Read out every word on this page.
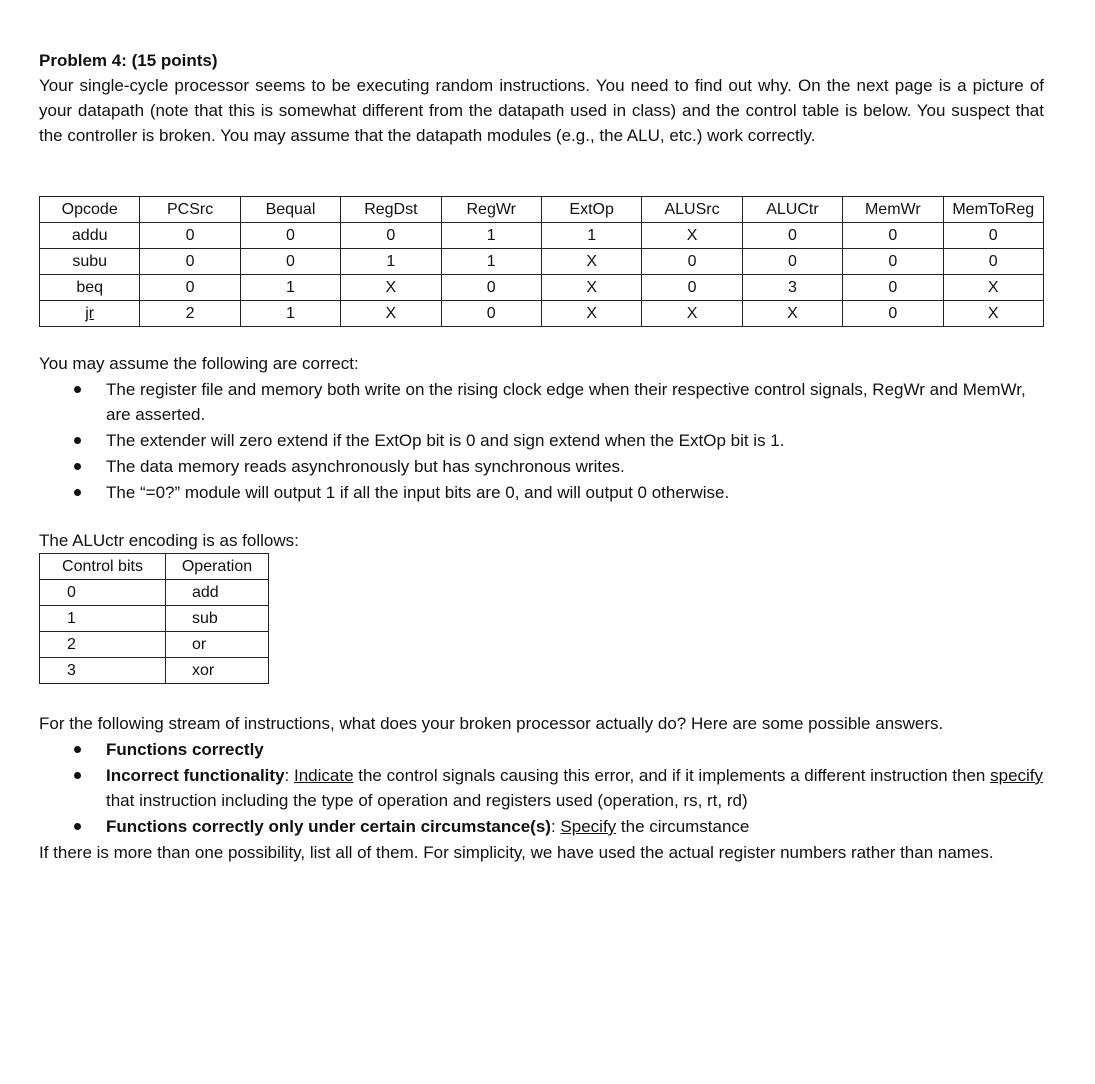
Problem 4: (15 points)
Your single-cycle processor seems to be executing random instructions. You need to find out why. On the next page is a picture of your datapath (note that this is somewhat different from the datapath used in class) and the control table is below. You suspect that the controller is broken. You may assume that the datapath modules (e.g., the ALU, etc.) work correctly.
Opcode	PCSrc	Bequal	RegDst	RegWr	ExtOp	ALUSrc	ALUCtr	MemWr	MemToReg
addu	0	0	0	1	1	X	0	0	0
subu	0	0	1	1	X	0	0	0	0
beq	0	1	X	0	X	0	3	0	X
jr	2	1	X	0	X	X	X	0	X
You may assume the following are correct:
The register file and memory both write on the rising clock edge when their respective control signals, RegWr and MemWr, are asserted.
The extender will zero extend if the ExtOp bit is 0 and sign extend when the ExtOp bit is 1.
The data memory reads asynchronously but has synchronous writes.
The “=0?” module will output 1 if all the input bits are 0, and will output 0 otherwise.
The ALUctr encoding is as follows:
Control bits	Operation
0	add
1	sub
2	or
3	xor
For the following stream of instructions, what does your broken processor actually do? Here are some possible answers.
Functions correctly
Incorrect functionality: Indicate the control signals causing this error, and if it implements a different instruction then specify that instruction including the type of operation and registers used (operation, rs, rt, rd)
Functions correctly only under certain circumstance(s): Specify the circumstance
If there is more than one possibility, list all of them. For simplicity, we have used the actual register numbers rather than names.
